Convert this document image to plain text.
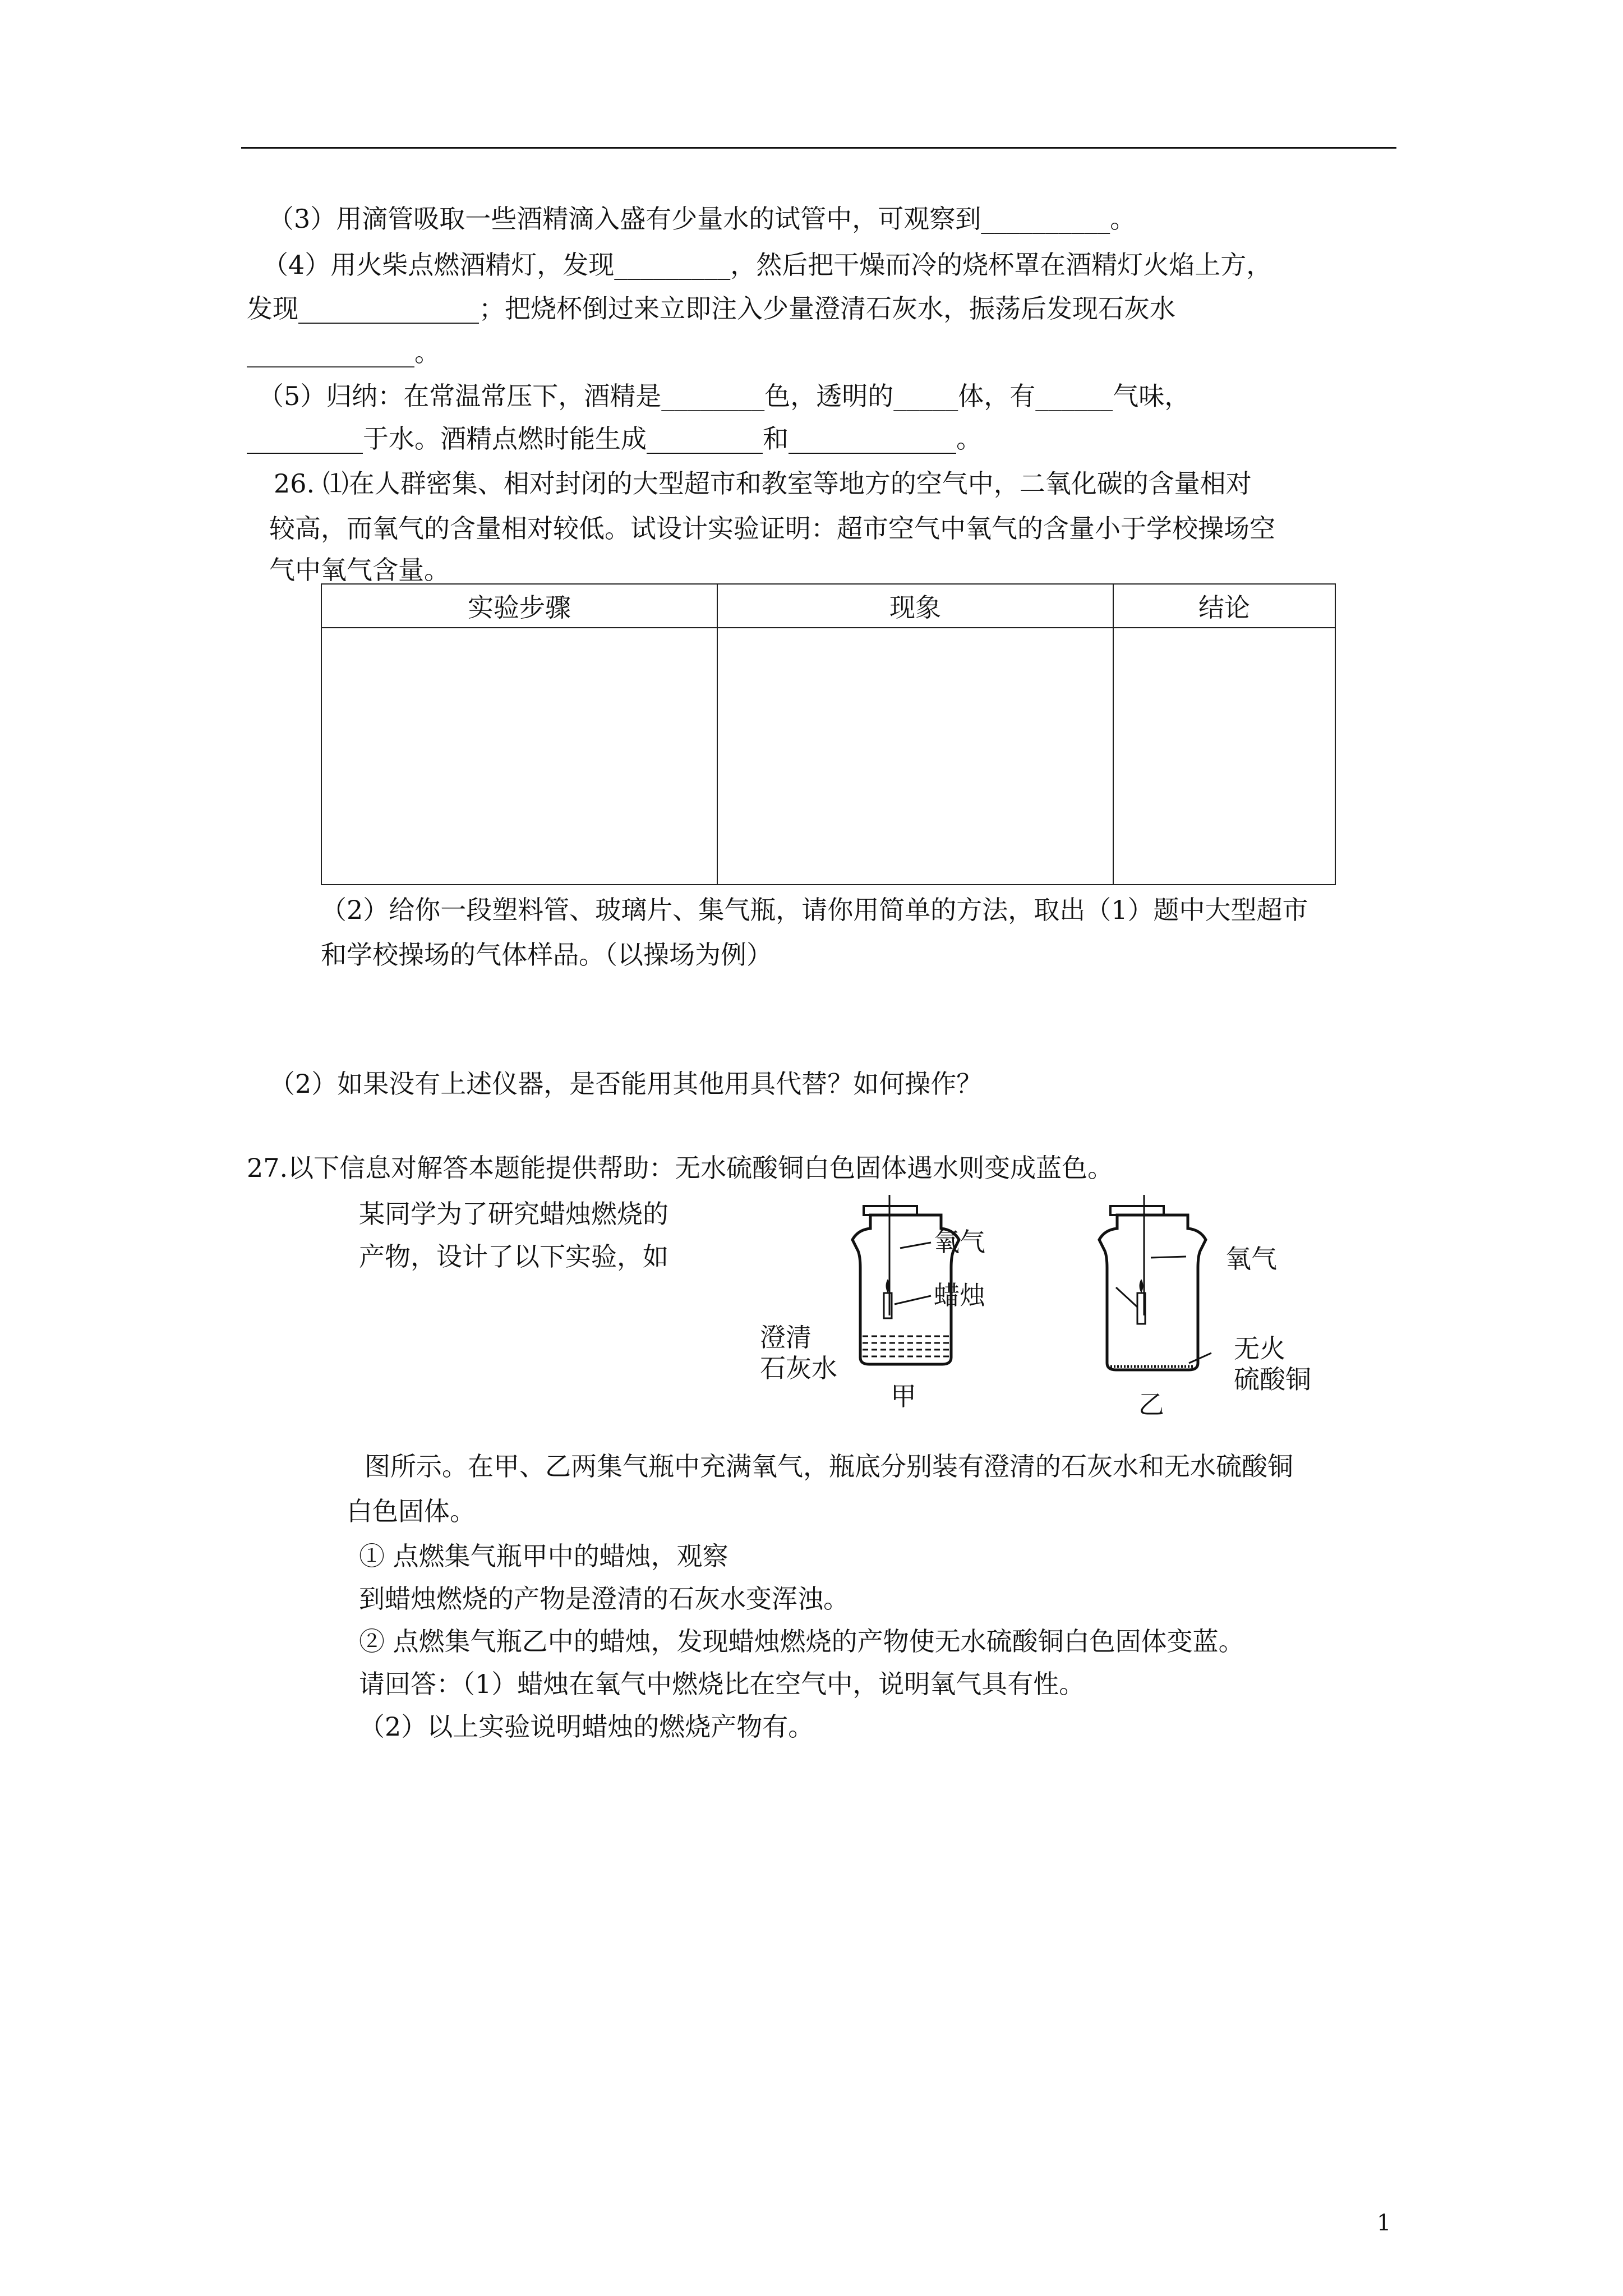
（3）用滴管吸取一些酒精滴入盛有少量水的试管中，可观察到__________。
（4）用火柴点燃酒精灯，发现_________，然后把干燥而冷的烧杯罩在酒精灯火焰上方，
发现______________；把烧杯倒过来立即注入少量澄清石灰水，振荡后发现石灰水
_____________。
（5）归纳：在常温常压下，酒精是________色，透明的_____体，有______气味，
_________于水。酒精点燃时能生成_________和_____________。
26. ⑴在人群密集、相对封闭的大型超市和教室等地方的空气中，二氧化碳的含量相对
较高，而氧气的含量相对较低。试设计实验证明：超市空气中氧气的含量小于学校操场空
气中氧气含量。
实验步骤	现象	结论

（2）给你一段塑料管、玻璃片、集气瓶，请你用简单的方法，取出（1）题中大型超市
和学校操场的气体样品。（以操场为例）
（2）如果没有上述仪器，是否能用其他用具代替？如何操作？
27.以下信息对解答本题能提供帮助：无水硫酸铜白色固体遇水则变成蓝色。
某同学为了研究蜡烛燃烧的
产物，设计了以下实验，如	氧气
蜡烛
澄清
石灰水
甲
氧气
无火
硫酸铜
乙
图所示。在甲、乙两集气瓶中充满氧气，瓶底分别装有澄清的石灰水和无水硫酸铜
白色固体。
① 点燃集气瓶甲中的蜡烛，观察
到蜡烛燃烧的产物是澄清的石灰水变浑浊。
② 点燃集气瓶乙中的蜡烛，发现蜡烛燃烧的产物使无水硫酸铜白色固体变蓝。
请回答：（1）蜡烛在氧气中燃烧比在空气中，说明氧气具有性。
（2）以上实验说明蜡烛的燃烧产物有。
1
